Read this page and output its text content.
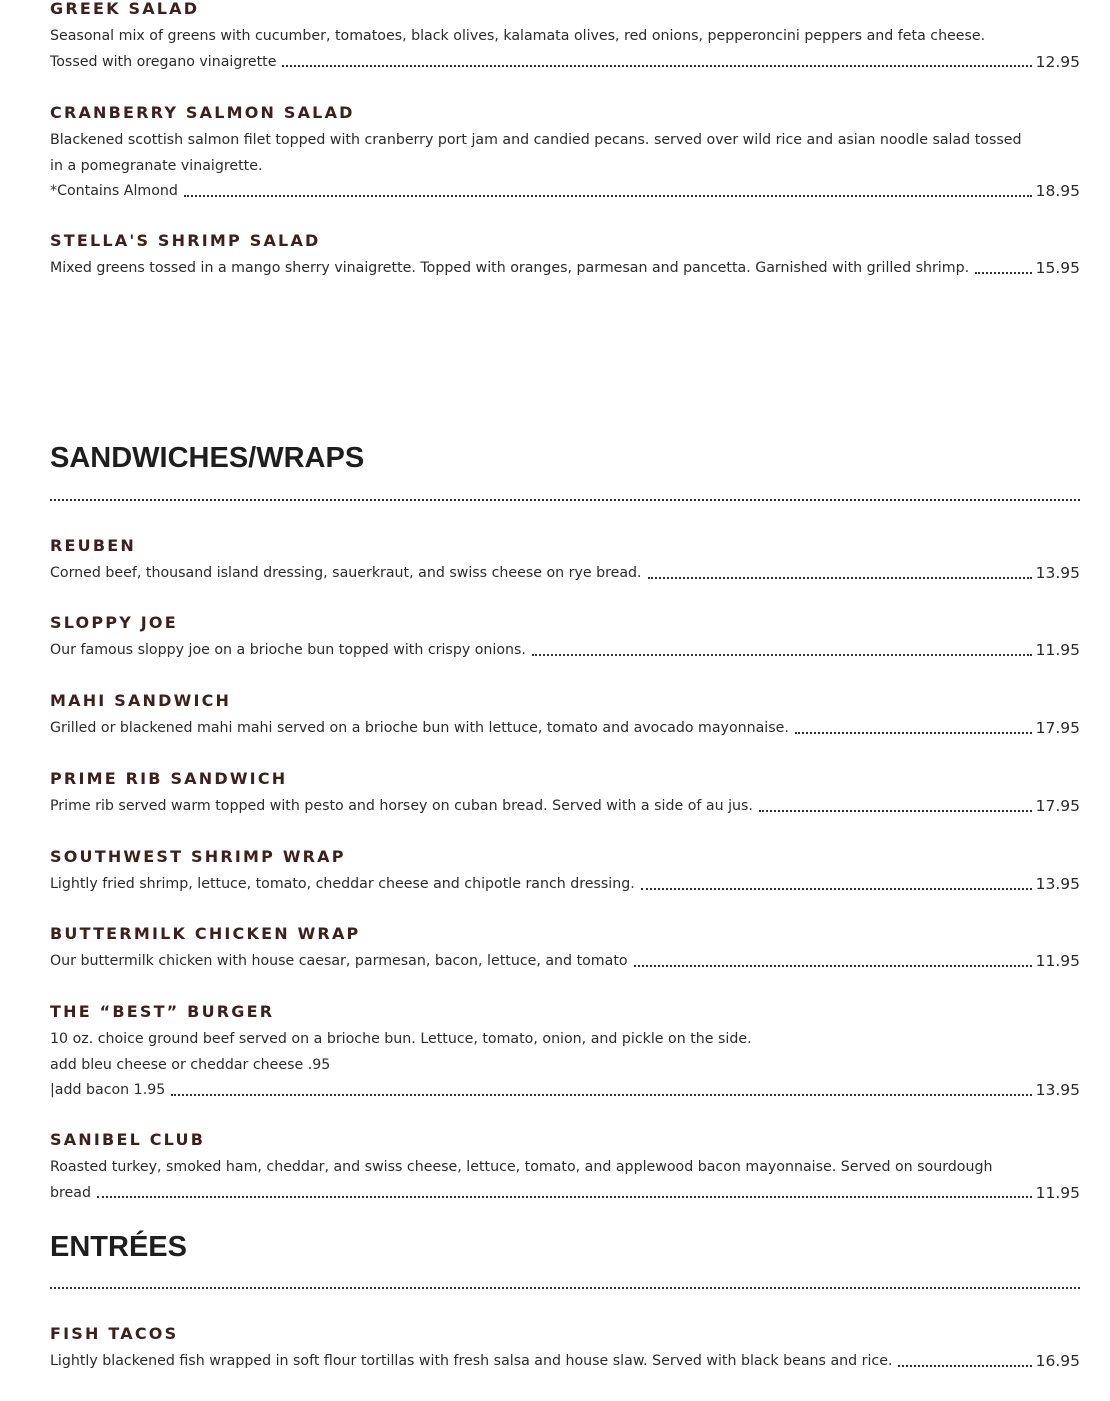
GREEK SALAD
Seasonal mix of greens with cucumber, tomatoes, black olives, kalamata olives, red onions, pepperoncini peppers and feta cheese.
Tossed with oregano vinaigrette	12.95
CRANBERRY SALMON SALAD
Blackened scottish salmon filet topped with cranberry port jam and candied pecans. served over wild rice and asian noodle salad tossed
in a pomegranate vinaigrette.
*Contains Almond	18.95
STELLA'S SHRIMP SALAD
Mixed greens tossed in a mango sherry vinaigrette. Topped with oranges, parmesan and pancetta. Garnished with grilled shrimp.	15.95
SANDWICHES/WRAPS
REUBEN
Corned beef, thousand island dressing, sauerkraut, and swiss cheese on rye bread.	13.95
SLOPPY JOE
Our famous sloppy joe on a brioche bun topped with crispy onions.	11.95
MAHI SANDWICH
Grilled or blackened mahi mahi served on a brioche bun with lettuce, tomato and avocado mayonnaise.	17.95
PRIME RIB SANDWICH
Prime rib served warm topped with pesto and horsey on cuban bread. Served with a side of au jus.	17.95
SOUTHWEST SHRIMP WRAP
Lightly fried shrimp, lettuce, tomato, cheddar cheese and chipotle ranch dressing.	13.95
BUTTERMILK CHICKEN WRAP
Our buttermilk chicken with house caesar, parmesan, bacon, lettuce, and tomato	11.95
THE “BEST” BURGER
10 oz. choice ground beef served on a brioche bun. Lettuce, tomato, onion, and pickle on the side.
add bleu cheese or cheddar cheese .95
|add bacon 1.95	13.95
SANIBEL CLUB
Roasted turkey, smoked ham, cheddar, and swiss cheese, lettuce, tomato, and applewood bacon mayonnaise. Served on sourdough
bread	11.95
ENTRÉES
FISH TACOS
Lightly blackened fish wrapped in soft flour tortillas with fresh salsa and house slaw. Served with black beans and rice.	16.95
